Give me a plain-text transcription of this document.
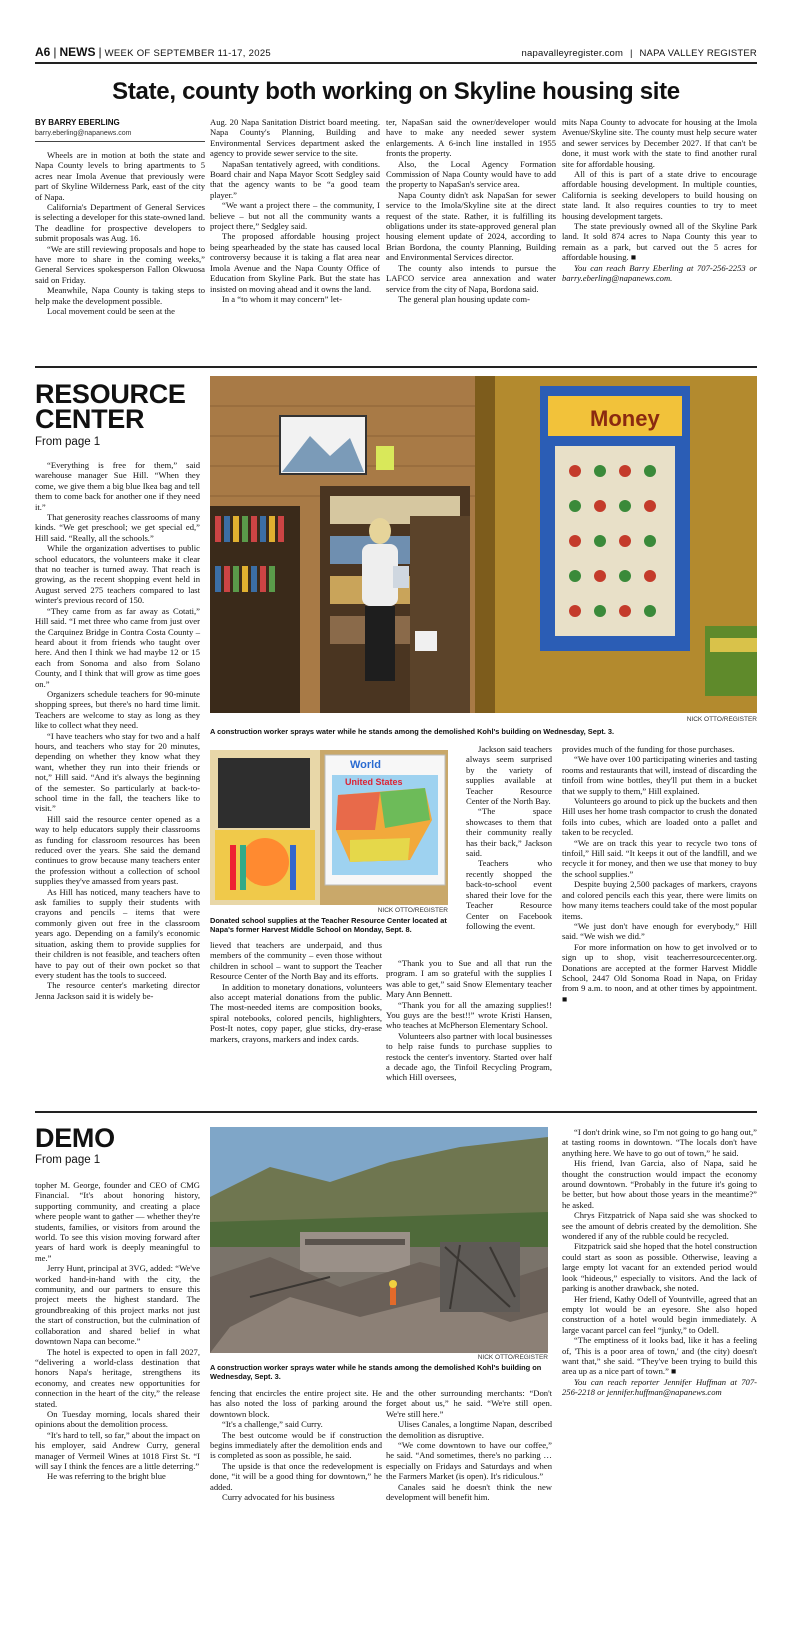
A6 | NEWS | WEEK OF SEPTEMBER 11-17, 2025	napavalleyregister.com | NAPA VALLEY REGISTER
State, county both working on Skyline housing site
BY BARRY EBERLING
barry.eberling@napanews.com

Wheels are in motion at both the state and Napa County levels to bring apartments to 5 acres near Imola Avenue that previously were part of Skyline Wilderness Park, east of the city of Napa.

California's Department of General Services is selecting a developer for this state-owned land. The deadline for prospective developers to submit proposals was Aug. 16.

“We are still reviewing proposals and hope to have more to share in the coming weeks,” General Services spokesperson Fallon Okwuosa said on Friday.

Meanwhile, Napa County is taking steps to help make the development possible.

Local movement could be seen at the

Aug. 20 Napa Sanitation District board meeting. Napa County's Planning, Building and Environmental Services department asked the agency to provide sewer service to the site.

NapaSan tentatively agreed, with conditions. Board chair and Napa Mayor Scott Sedgley said that the agency wants to be “a good team player.”

“We want a project there – the community, I believe – but not all the community wants a project there,” Sedgley said.

The proposed affordable housing project being spearheaded by the state has caused local controversy because it is taking a flat area near Imola Avenue and the Napa County Office of Education from Skyline Park. But the state has insisted on moving ahead and it owns the land.

In a “to whom it may concern” let-

ter, NapaSan said the owner/developer would have to make any needed sewer system enlargements. A 6-inch line installed in 1955 fronts the property.

Also, the Local Agency Formation Commission of Napa County would have to add the property to NapaSan's service area.

Napa County didn't ask NapaSan for sewer service to the Imola/Skyline site at the direct request of the state. Rather, it is fulfilling its obligations under its state-approved general plan housing element update of 2024, according to Brian Bordona, the county Planning, Building and Environmental Services director.

The county also intends to pursue the LAFCO service area annexation and water service from the city of Napa, Bordona said.

The general plan housing update com-

mits Napa County to advocate for housing at the Imola Avenue/Skyline site. The county must help secure water and sewer services by December 2027. If that can't be done, it must work with the state to find another rural site for affordable housing.

All of this is part of a state drive to encourage affordable housing development. In multiple counties, California is seeking developers to build housing on state land. It also requires counties to try to meet housing development targets.

The state previously owned all of the Skyline Park land. It sold 874 acres to Napa County this year to remain as a park, but carved out the 5 acres for affordable housing. ■

You can reach Barry Eberling at 707-256-2253 or barry.eberling@napanews.com.

RESOURCE
CENTER
From page 1

“Everything is free for them,” said warehouse manager Sue Hill. “When they come, we give them a big blue Ikea bag and tell them to come back for another one if they need it.”

That generosity reaches classrooms of many kinds. “We get preschool; we get special ed,” Hill said. “Really, all the schools.”

While the organization advertises to public school educators, the volunteers make it clear that no teacher is turned away. That reach is growing, as the recent shopping event held in August served 275 teachers compared to last winter's previous record of 150.

“They came from as far away as Cotati,” Hill said. “I met three who came from just over the Carquinez Bridge in Contra Costa County – heard about it from friends who taught over here. And then I think we had maybe 12 or 15 each from Sonoma and also from Solano County, and I think that will grow as time goes on.”

Organizers schedule teachers for 90-minute shopping sprees, but there's no hard time limit. Teachers are welcome to stay as long as they like to collect what they need.

“I have teachers who stay for two and a half hours, and teachers who stay for 20 minutes, depending on whether they know what they want, whether they run into their friends or not,” Hill said. “And it's always the beginning of the semester. So particularly at back-to-school time in the fall, the teachers like to visit.”

Hill said the resource center opened as a way to help educators supply their classrooms as funding for classroom resources has been reduced over the years. She said the demand continues to grow because many teachers enter the profession without a collection of school supplies they've amassed from years past.

As Hill has noticed, many teachers have to ask families to supply their students with crayons and pencils – items that were commonly given out free in the classroom years ago. Depending on a family's economic situation, asking them to provide supplies for their children is not feasible, and teachers often have to pay out of their own pocket so that every student has the tools to succeed.

The resource center's marketing director Jenna Jackson said it is widely be-

Money
NICK OTTO/REGISTER
A construction worker sprays water while he stands among the demolished Kohl's building on Wednesday, Sept. 3.
World
United States
NICK OTTO/REGISTER
Donated school supplies at the Teacher Resource Center located at Napa's former Harvest Middle School on Monday, Sept. 8.

lieved that teachers are underpaid, and thus members of the community – even those without children in school – want to support the Teacher Resource Center of the North Bay and its efforts.

In addition to monetary donations, volunteers also accept material donations from the public. The most-needed items are composition books, spiral notebooks, colored pencils, highlighters, Post-It notes, copy paper, glue sticks, dry-erase markers, crayons, markers and index cards.

Jackson said teachers always seem surprised by the variety of supplies available at Teacher Resource Center of the North Bay.

“The space showcases to them that their community really has their back,” Jackson said.

Teachers who recently shopped the back-to-school event shared their love for the Teacher Resource Center on Facebook following the event.

“Thank you to Sue and all that run the program. I am so grateful with the supplies I was able to get,” said Snow Elementary teacher Mary Ann Bennett.

“Thank you for all the amazing supplies!! You guys are the best!!” wrote Kristi Hansen, who teaches at McPherson Elementary School.

Volunteers also partner with local businesses to help raise funds to purchase supplies to restock the center's inventory. Started over half a decade ago, the Tinfoil Recycling Program, which Hill oversees,

provides much of the funding for those purchases.

“We have over 100 participating wineries and tasting rooms and restaurants that will, instead of discarding the tinfoil from wine bottles, they'll put them in a bucket that we supply to them,” Hill explained.

Volunteers go around to pick up the buckets and then Hill uses her home trash compactor to crush the donated foils into cubes, which are loaded onto a pallet and taken to be recycled.

“We are on track this year to recycle two tons of tinfoil,” Hill said. “It keeps it out of the landfill, and we recycle it for money, and then we use that money to buy the school supplies.”

Despite buying 2,500 packages of markers, crayons and colored pencils each this year, there were limits on how many items teachers could take of the most popular items.

“We just don't have enough for everybody,” Hill said. “We wish we did.”

For more information on how to get involved or to sign up to shop, visit teacherresourcecenter.org. Donations are accepted at the former Harvest Middle School, 2447 Old Sonoma Road in Napa, on Friday from 9 a.m. to noon, and at other times by appointment. ■

DEMO
From page 1

topher M. George, founder and CEO of CMG Financial. “It's about honoring history, supporting community, and creating a place where people want to gather — whether they're students, families, or visitors from around the world. To see this vision moving forward after years of hard work is deeply meaningful to me.”

Jerry Hunt, principal at 3VG, added: “We've worked hand-in-hand with the city, the community, and our partners to ensure this project meets the highest standard. The groundbreaking of this project marks not just the start of construction, but the culmination of collaboration and shared belief in what downtown Napa can become.”

The hotel is expected to open in fall 2027, “delivering a world-class destination that honors Napa's heritage, strengthens its economy, and creates new opportunities for connection in the heart of the city,” the release stated.

On Tuesday morning, locals shared their opinions about the demolition process.

“It's hard to tell, so far,” about the impact on his employer, said Andrew Curry, general manager of Vermeil Wines at 1018 First St. “I will say I think the fences are a little deterring.”

He was referring to the bright blue

NICK OTTO/REGISTER
A construction worker sprays water while he stands among the demolished Kohl's building on Wednesday, Sept. 3.

fencing that encircles the entire project site. He has also noted the loss of parking around the downtown block.

“It's a challenge,” said Curry.

The best outcome would be if construction begins immediately after the demolition ends and is completed as soon as possible, he said.

The upside is that once the redevelopment is done, “it will be a good thing for downtown,” he added.

Curry advocated for his business

and the other surrounding merchants: “Don't forget about us,” he said. “We're still open. We're still here.”

Ulises Canales, a longtime Napan, described the demolition as disruptive.

“We come downtown to have our coffee,” he said. “And sometimes, there's no parking … especially on Fridays and Saturdays and when the Farmers Market (is open). It's ridiculous.”

Canales said he doesn't think the new development will benefit him.

“I don't drink wine, so I'm not going to go hang out,” at tasting rooms in downtown. “The locals don't have anything here. We have to go out of town,” he said.

His friend, Ivan Garcia, also of Napa, said he thought the construction would impact the economy around downtown. “Probably in the future it's going to be better, but how about those years in the meantime?” he asked.

Chrys Fitzpatrick of Napa said she was shocked to see the amount of debris created by the demolition. She wondered if any of the rubble could be recycled.

Fitzpatrick said she hoped that the hotel construction could start as soon as possible. Otherwise, leaving a large empty lot vacant for an extended period would look “hideous,” especially to visitors. And the lack of parking is another drawback, she noted.

Her friend, Kathy Odell of Yountville, agreed that an empty lot would be an eyesore. She also hoped construction of a hotel would begin immediately. A large vacant parcel can feel “junky,” to Odell.

“The emptiness of it looks bad, like it has a feeling of, 'This is a poor area of town,' and (the city) doesn't want that,” she said. “They've been trying to build this area up as a nice part of town.” ■

You can reach reporter Jennifer Huffman at 707-256-2218 or jennifer.huffman@napanews.com
